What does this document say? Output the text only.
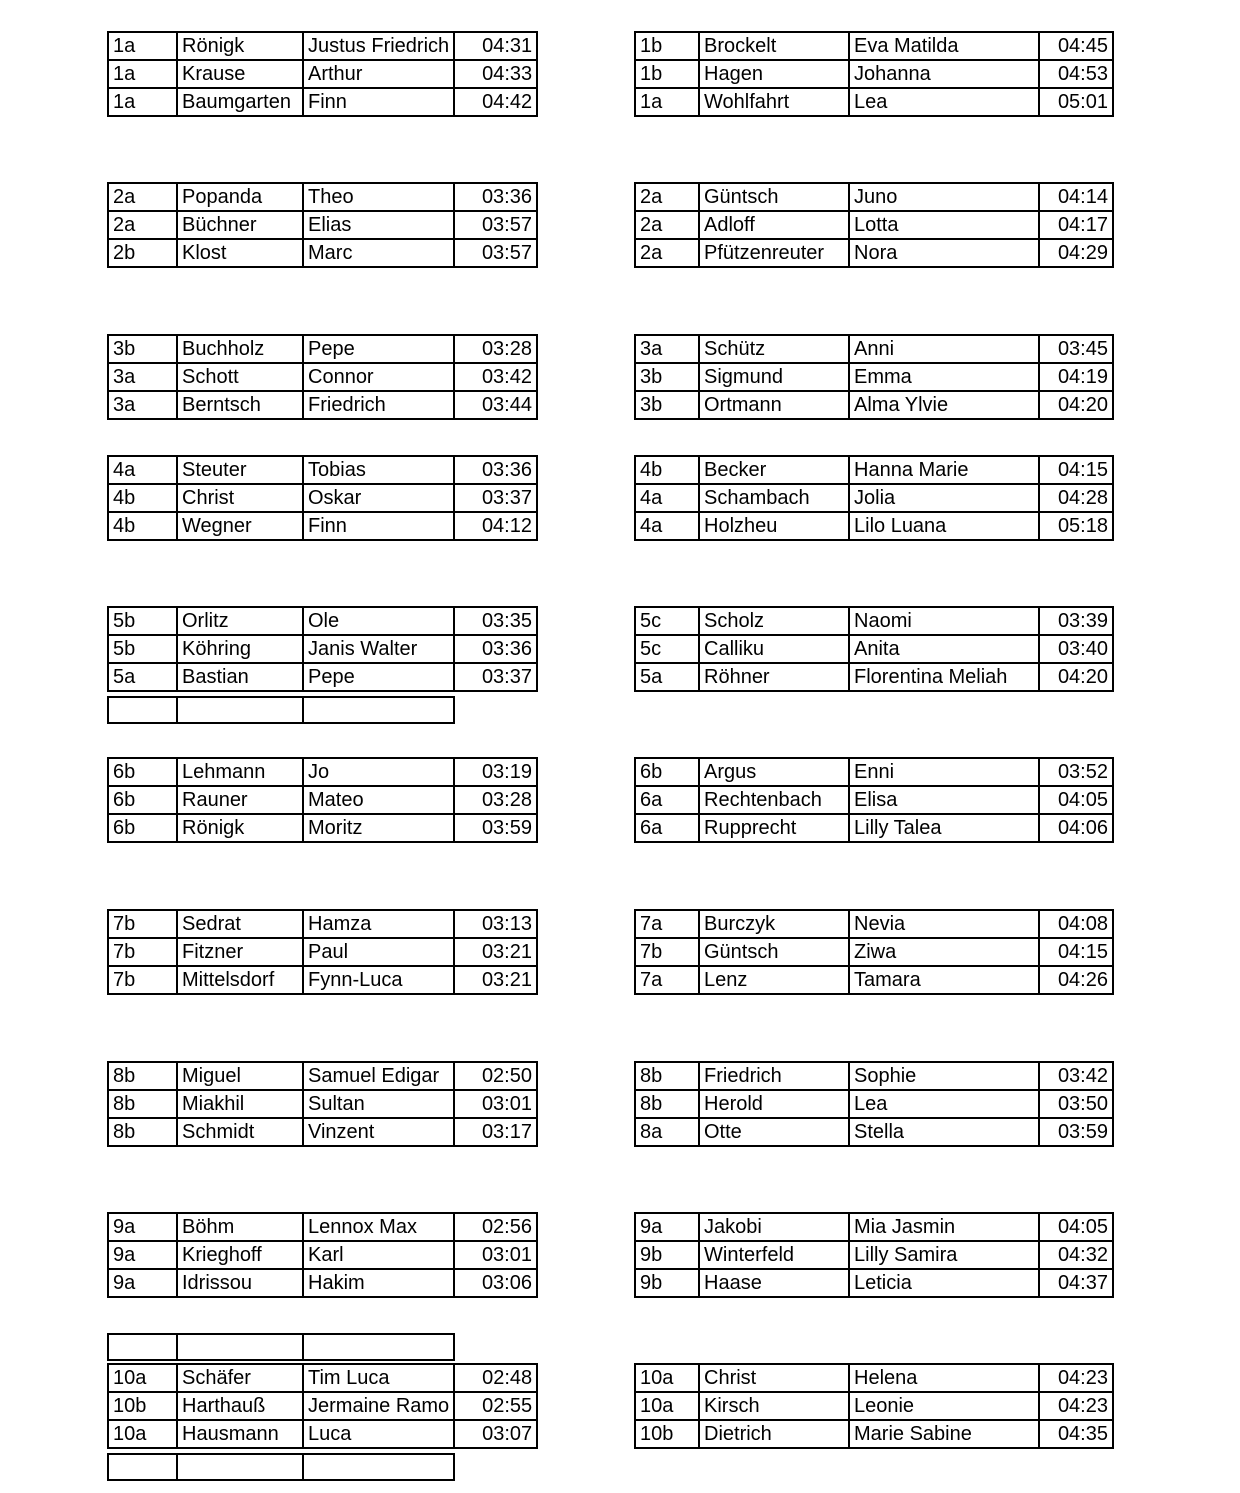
1a	Rönigk	Justus Friedrich	04:31
1a	Krause	Arthur	04:33
1a	Baumgarten	Finn	04:42
1b	Brockelt	Eva Matilda	04:45
1b	Hagen	Johanna	04:53
1a	Wohlfahrt	Lea	05:01
2a	Popanda	Theo	03:36
2a	Büchner	Elias	03:57
2b	Klost	Marc	03:57
2a	Güntsch	Juno	04:14
2a	Adloff	Lotta	04:17
2a	Pfützenreuter	Nora	04:29
3b	Buchholz	Pepe	03:28
3a	Schott	Connor	03:42
3a	Berntsch	Friedrich	03:44
3a	Schütz	Anni	03:45
3b	Sigmund	Emma	04:19
3b	Ortmann	Alma Ylvie	04:20
4a	Steuter	Tobias	03:36
4b	Christ	Oskar	03:37
4b	Wegner	Finn	04:12
4b	Becker	Hanna Marie	04:15
4a	Schambach	Jolia	04:28
4a	Holzheu	Lilo Luana	05:18
5b	Orlitz	Ole	03:35
5b	Köhring	Janis Walter	03:36
5a	Bastian	Pepe	03:37
5c	Scholz	Naomi	03:39
5c	Calliku	Anita	03:40
5a	Röhner	Florentina Meliah	04:20
6b	Lehmann	Jo	03:19
6b	Rauner	Mateo	03:28
6b	Rönigk	Moritz	03:59
6b	Argus	Enni	03:52
6a	Rechtenbach	Elisa	04:05
6a	Rupprecht	Lilly Talea	04:06
7b	Sedrat	Hamza	03:13
7b	Fitzner	Paul	03:21
7b	Mittelsdorf	Fynn-Luca	03:21
7a	Burczyk	Nevia	04:08
7b	Güntsch	Ziwa	04:15
7a	Lenz	Tamara	04:26
8b	Miguel	Samuel Edigar	02:50
8b	Miakhil	Sultan	03:01
8b	Schmidt	Vinzent	03:17
8b	Friedrich	Sophie	03:42
8b	Herold	Lea	03:50
8a	Otte	Stella	03:59
9a	Böhm	Lennox Max	02:56
9a	Krieghoff	Karl	03:01
9a	Idrissou	Hakim	03:06
9a	Jakobi	Mia Jasmin	04:05
9b	Winterfeld	Lilly Samira	04:32
9b	Haase	Leticia	04:37
10a	Schäfer	Tim Luca	02:48
10b	Harthauß	Jermaine Ramo	02:55
10a	Hausmann	Luca	03:07
10a	Christ	Helena	04:23
10a	Kirsch	Leonie	04:23
10b	Dietrich	Marie Sabine	04:35
